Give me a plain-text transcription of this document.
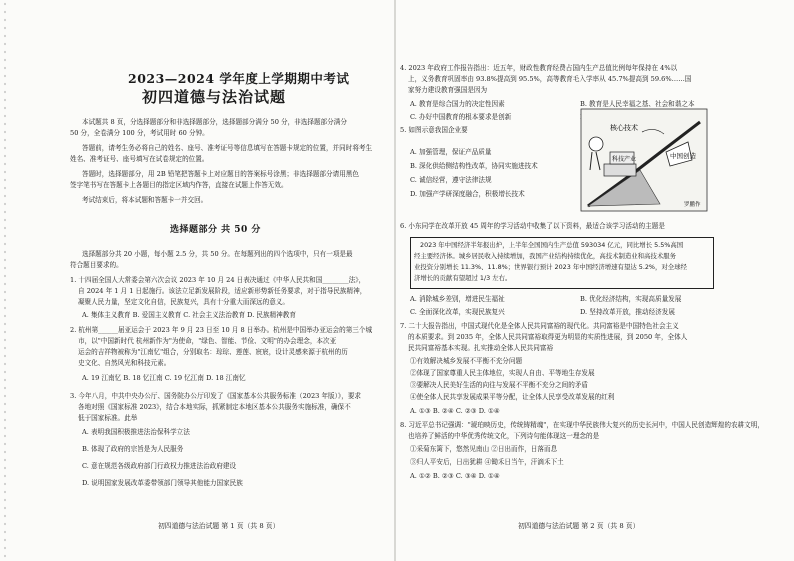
2023—2024 学年度上学期期中考试
初四道德与法治试题
本试题共 8 页，分选择题部分和非选择题部分，选择题部分满分 50 分，非选择题部分满分
50 分，全卷满分 100 分，考试用时 60 分钟。
答题前，请考生务必将自己的姓名、座号、准考证号等信息填写在答题卡规定的位置，并同时将考生
姓名、准考证号、座号填写在试卷规定的位置。
答题时，选择题部分，用 2B 铅笔把答题卡上对应题目的答案标号涂黑；非选择题部分请用黑色
签字笔书写在答题卡上各题目的指定区域内作答，直接在试题上作答无效。
考试结束后，将本试题和答题卡一并交回。
选择题部分 共 50 分
选择题部分共 20 小题，每小题 2.5 分，共 50 分。在每题列出的四个选项中，只有一项是最
符合题目要求的。
1. 十四届全国人大常委会第六次会议 2023 年 10 月 24 日表决通过《中华人民共和国________法》，
自 2024 年 1 月 1 日起施行。该法立足新发展阶段，适应新形势新任务要求，对于指导民族精神，
凝聚人民力量，坚定文化自信，民族复兴，具有十分重大而深远的意义。
A. 集体主义教育 B. 爱国主义教育 C. 社会主义法治教育 D. 民族精神教育
2. 杭州第______届亚运会于 2023 年 9 月 23 日至 10 月 8 日举办。杭州是中国举办亚运会的第三个城
市，以"中国新时代 杭州新作为"为使命，"绿色、智能、节俭、文明"的办会理念，本次亚
运会的吉祥物被称为"江南忆"组合，分别取名：琮琮、莲莲、宸宸，设计灵感来源于杭州的历
史文化、自然风光和科技元素。
A. 19 江南忆 B. 18 忆江南 C. 19 忆江南 D. 18 江南忆
3. 今年八月，中共中央办公厅、国务院办公厅印发了《国家基本公共服务标准（2023 年版）》，要求
各地对照《国家标准 2023》，结合本地实际，抓紧制定本地区基本公共服务实施标准，确保不
低于国家标准。此举
A. 表明我国积极推进法治保科学立法
B. 体现了政府的宗旨是为人民服务
C. 意在规范各级政府部门行政权力推进法治政府建设
D. 说明国家发展改革委带领部门领导其他能力国家民族
初四道德与法治试题 第 1 页（共 8 页）
4. 2023 年政府工作报告指出：近五年，财政性教育经费占国内生产总值比例每年保持在 4%以
上，义务教育巩固率由 93.8%提高到 95.5%，高等教育毛入学率从 45.7%提高到 59.6%……国
家努力建设教育强国是因为
A. 教育是综合国力的决定性因素	B. 教育是人民幸福之基、社会和谐之本
C. 办好中国教育的根本要求是创新
5. 如图示意我国企业要
A. 加强管理，保证产品质量
B. 深化供给侧结构性改革，协同实施进技术
C. 诚信经营，遵守法律法规
D. 加强产学研深度融合，积极增长技术
6. 小东同学在改革开放 45 周年的学习活动中收集了以下资料，最适合该学习活动的主题是
2023 年中国经济半年报出炉，上半年全国国内生产总值 593034 亿元，同比增长 5.5%高国
经主要经济体。城乡居民收入持续增加，我国产业结构持续优化，高技术制造业和高技术服务
业投资分别增长 11.3%、11.8%；世界银行预计 2023 年中国经济增速有望达 5.2%，对全球经
济增长的贡献有望超过 1/3 左右。
A. 消除城乡差别，增进民生福祉	B. 优化经济结构，实现高质量发展
C. 全面深化改革，实现民族复兴	D. 坚持改革开放，推动经济发展
7. 二十大报告指出，中国式现代化是全体人民共同富裕的现代化。共同富裕是中国特色社会主义
的本质要求。到 2035 年，全体人民共同富裕取得更为明显的实质性进展，到 2050 年，全体人
民共同富裕基本实现。扎实推动全体人民共同富裕
①有效解决城乡发展不平衡不充分问题
②体现了国家尊重人民主体地位，实现人自由、平等地生存发展
③要解决人民美好生活的向往与发展不平衡不充分之间的矛盾
④使全体人民共享发展成果平等分配，让全体人民享受改革发展的红利
A. ①③ B. ②④ C. ②③ D. ①④
8. 习近平总书记强调："琥珀映历史，传统铸精魂"，在实现中华民族伟大复兴的历史长河中，中国人民创造辉煌的农耕文明，
也培养了鲜活的中华优秀传统文化，下列诗句能体现这一理念的是
①采菊东篱下，悠然见南山 ②日出而作，日落而息
③归人平安后，日出犹耕 ④锄禾日当午，汗滴禾下土
A. ①② B. ②③ C. ③④ D. ①④
初四道德与法治试题 第 2 页（共 8 页）
核心技术
科技产业	中国创造
罗鹏作
